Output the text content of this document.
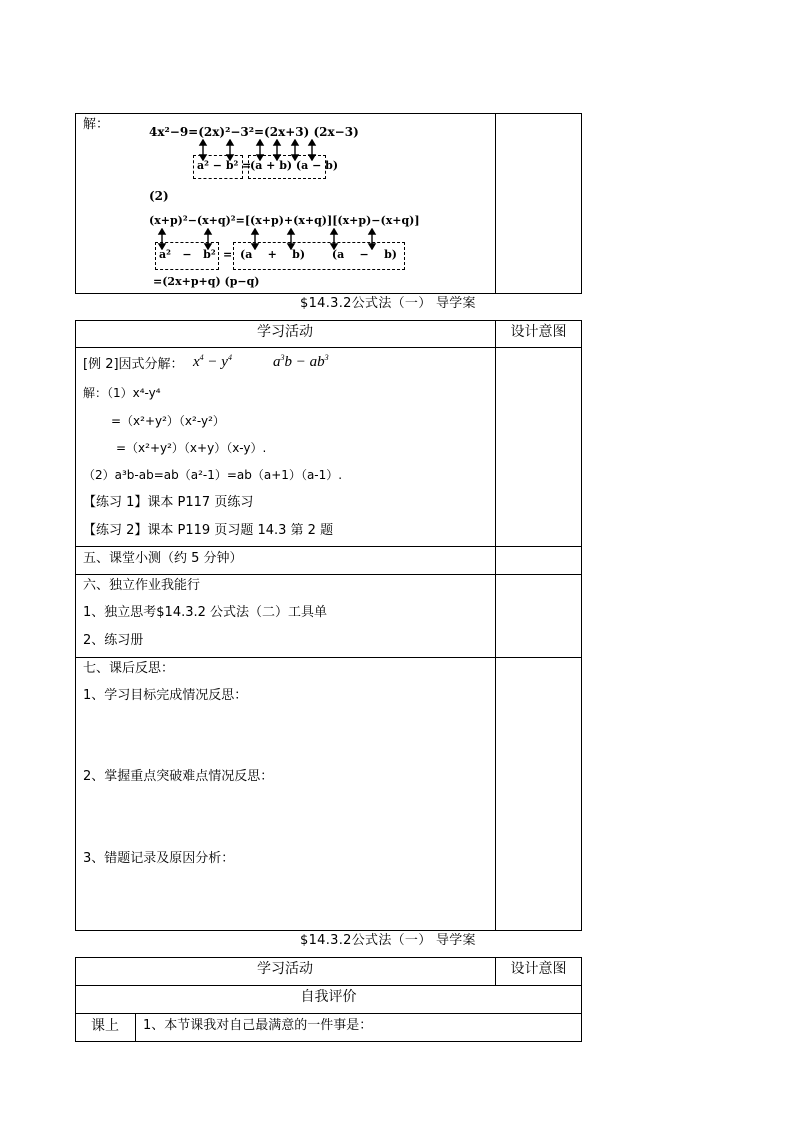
解：	4x²−9=(2x)²−3²=(2x+3) (2x−3)
a² − b² =
(a + b) (a − b)
(2)
(x+p)²−(x+q)²=[(x+p)+(x+q)][(x+p)−(x+q)]
a²   −   b² = (a    +    b)       (a    −    b)
=(2x+p+q) (p−q)
$14.3.2公式法（一） 导学案
学习活动	设计意图
[例 2]因式分解： $x^4 - y^4$	$a^3b - ab^3$
解：（1）x⁴-y⁴
=（x²+y²）（x²-y²）
=（x²+y²）（x+y）（x-y）.
（2）a³b-ab=ab（a²-1）=ab（a+1）（a-1）.
【练习 1】课本 P117 页练习
【练习 2】课本 P119 页习题 14.3 第 2 题
五、课堂小测（约 5 分钟）
六、独立作业我能行
1、独立思考$14.3.2 公式法（二）工具单
2、练习册
七、课后反思：
1、学习目标完成情况反思：
2、掌握重点突破难点情况反思：
3、错题记录及原因分析：
$14.3.2公式法（一） 导学案
学习活动	设计意图
自我评价
课上	1、本节课我对自己最满意的一件事是：
